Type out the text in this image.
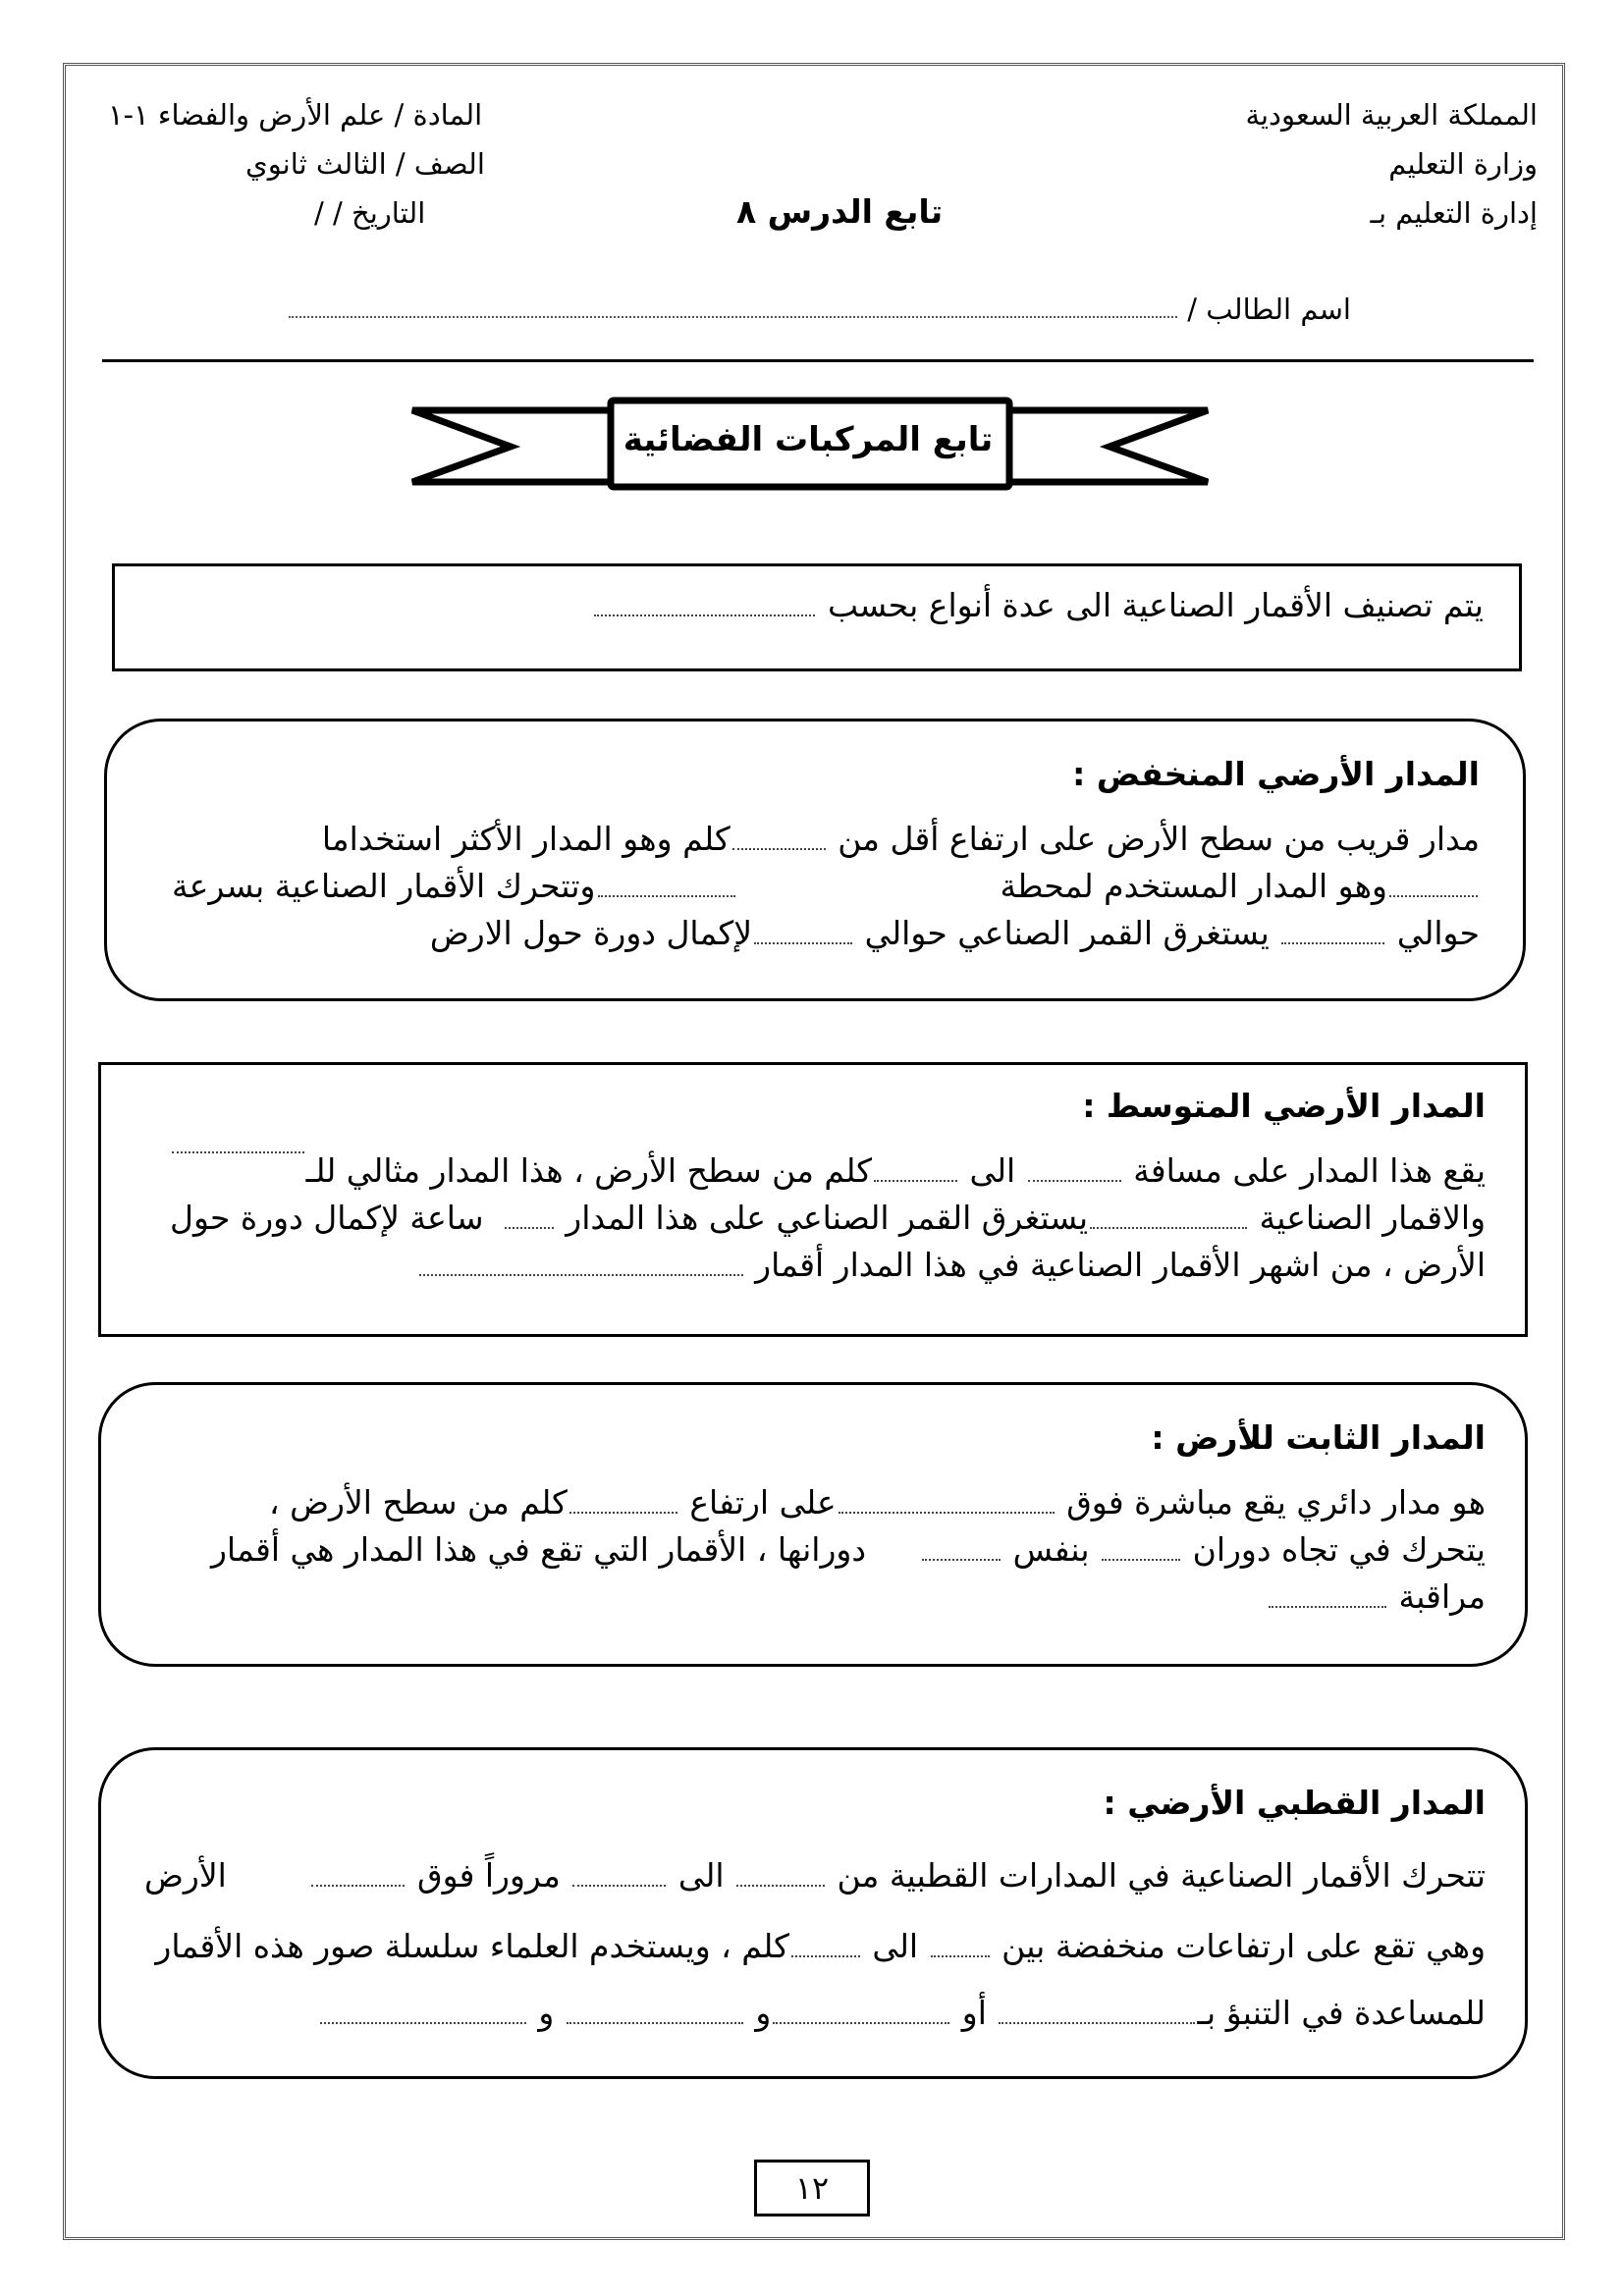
المملكة العربية السعودية
وزارة التعليم
إدارة التعليم بـ
المادة / علم الأرض والفضاء ١-١
الصف / الثالث ثانوي
التاريخ / /	تابع الدرس ٨
اسم الطالب /
تابع المركبات الفضائية
يتم تصنيف الأقمار الصناعية الى عدة أنواع بحسب
المدار الأرضي المنخفض :
مدار قريب من سطح الأرض على ارتفاع أقل من كلم وهو المدار الأكثر استخداما
وهو المدار المستخدم لمحطة
وتتحرك الأقمار الصناعية بسرعة
حوالي  يستغرق القمر الصناعي حوالي لإكمال دورة حول الارض
المدار الأرضي المتوسط :
يقع هذا المدار على مسافة  الى كلم من سطح الأرض ، هذا المدار مثالي للـ
والاقمار الصناعية يستغرق القمر الصناعي على هذا المدار
ساعة لإكمال دورة حول
الأرض ، من اشهر الأقمار الصناعية في هذا المدار أقمار
المدار الثابت للأرض :
هو مدار دائري يقع مباشرة فوق على ارتفاع كلم من سطح الأرض ،
يتحرك في تجاه دوران  بنفس
دورانها ، الأقمار التي تقع في هذا المدار هي أقمار
مراقبة
المدار القطبي الأرضي :
تتحرك الأقمار الصناعية في المدارات القطبية من  الى  مروراً فوق
الأرض
وهي تقع على ارتفاعات منخفضة بين  الى كلم ، ويستخدم العلماء سلسلة صور هذه الأقمار
للمساعدة في التنبؤ بـ أو و  و
١٢
